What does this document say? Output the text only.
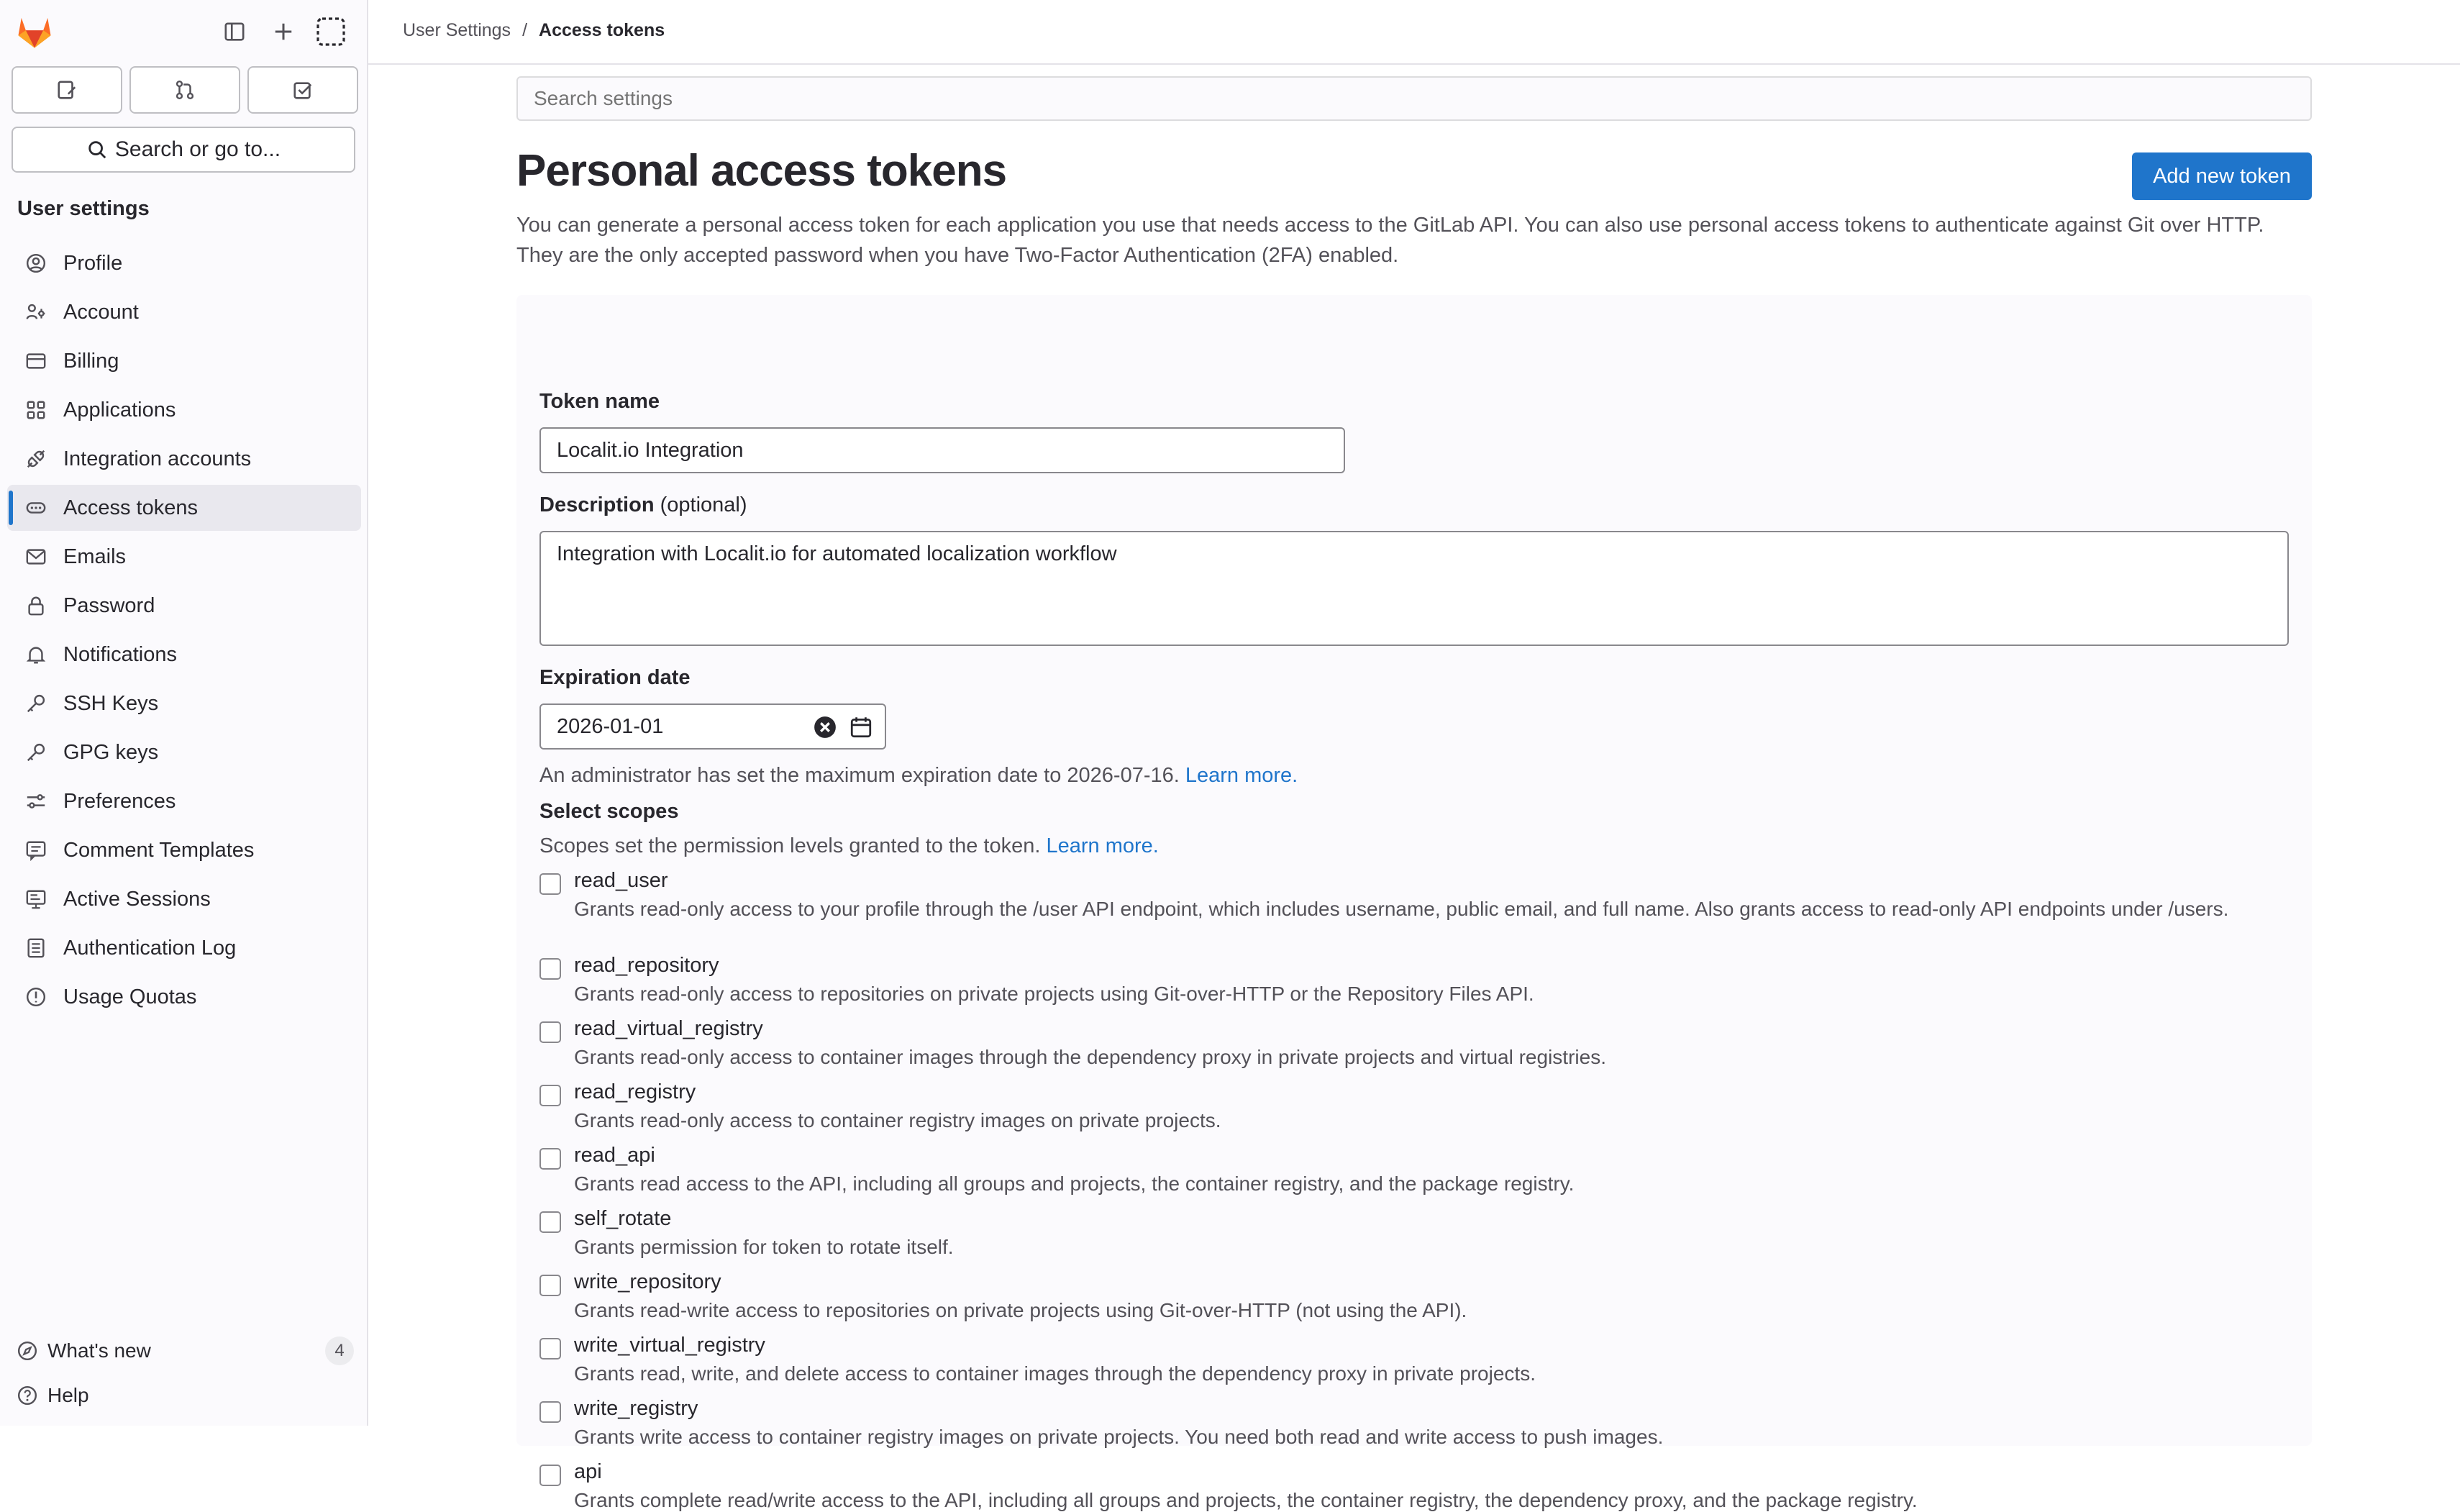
Search or go to...
User settings
Profile
Account
Billing
Applications
Integration accounts
Access tokens
Emails
Password
Notifications
SSH Keys
GPG keys
Preferences
Comment Templates
Active Sessions
Authentication Log
Usage Quotas
What's new	4
Help
User Settings / Access tokens
Search settings
Personal access tokens	Add new token

You can generate a personal access token for each application you use that needs access to the GitLab API. You can also use personal access tokens to authenticate against Git over HTTP. They are the only accepted password when you have Two-Factor Authentication (2FA) enabled.

Token name
Localit.io Integration
Description (optional)
Integration with Localit.io for automated localization workflow
Expiration date
2026-01-01
An administrator has set the maximum expiration date to 2026-07-16. Learn more.
Select scopes
Scopes set the permission levels granted to the token. Learn more.
read_user
Grants read-only access to your profile through the /user API endpoint, which includes username, public email, and full name. Also grants access to read-only API endpoints under /users.
read_repository
Grants read-only access to repositories on private projects using Git-over-HTTP or the Repository Files API.
read_virtual_registry
Grants read-only access to container images through the dependency proxy in private projects and virtual registries.
read_registry
Grants read-only access to container registry images on private projects.
read_api
Grants read access to the API, including all groups and projects, the container registry, and the package registry.
self_rotate
Grants permission for token to rotate itself.
write_repository
Grants read-write access to repositories on private projects using Git-over-HTTP (not using the API).
write_virtual_registry
Grants read, write, and delete access to container images through the dependency proxy in private projects.
write_registry
Grants write access to container registry images on private projects. You need both read and write access to push images.
api
Grants complete read/write access to the API, including all groups and projects, the container registry, the dependency proxy, and the package registry.
